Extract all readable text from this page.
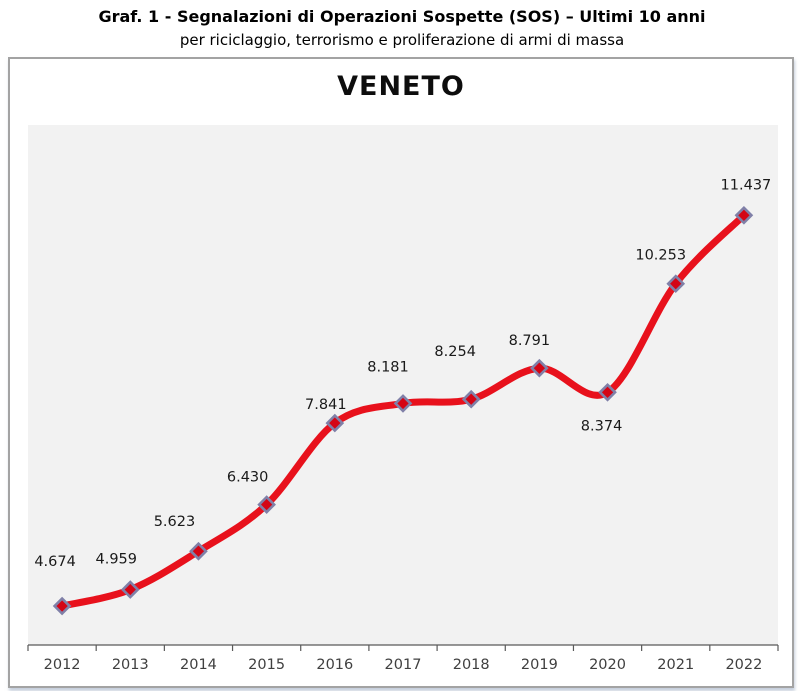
Graf. 1 - Segnalazioni di Operazioni Sospette (SOS) – Ultimi 10 anni
per riciclaggio, terrorismo e proliferazione di armi di massa
2012 2013 2014 2015 2016 2017 2018 2019 2020 2021 2022
4.674 4.959
5.623
6.430
7.841
8.181
8.254
8.791
8.374
10.253
11.437
VENETO
